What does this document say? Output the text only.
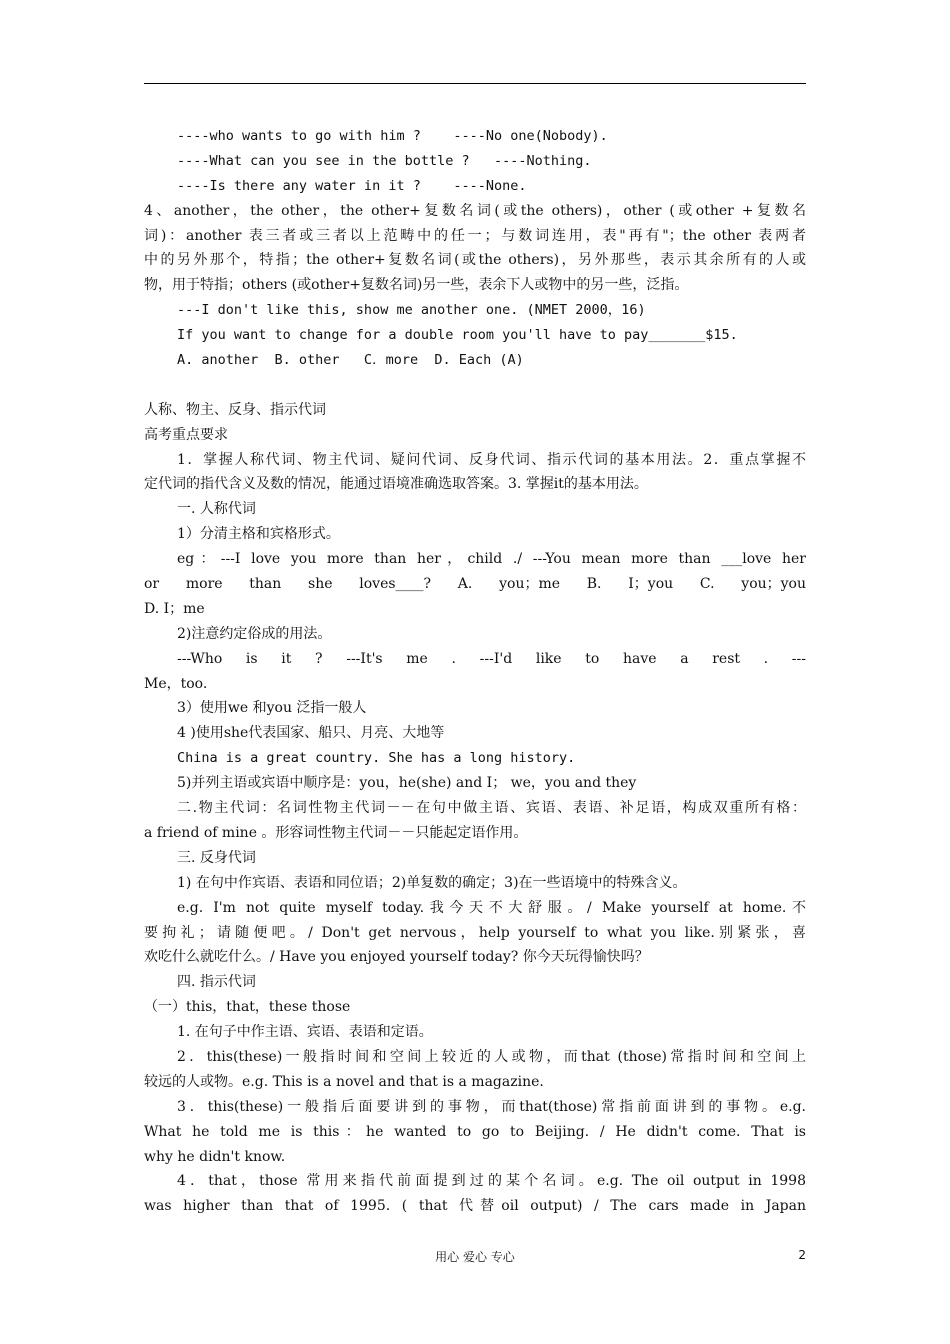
----who wants to go with him ?    ----No one(Nobody).
----What can you see in the bottle ?   ----Nothing.
----Is there any water in it ?    ----None.
4、another，the other，the other+复数名词(或the others)，other (或other +复数名
词)：another 表三者或三者以上范畴中的任一；与数词连用，表"再有"；the other 表两者
中的另外那个，特指；the other+复数名词(或the others)，另外那些，表示其余所有的人或
物，用于特指；others (或other+复数名词)另一些，表余下人或物中的另一些，泛指。
---I don't like this, show me another one. (NMET 2000，16)
If you want to change for a double room you'll have to pay_______$15.
A. another  B. other   C．more  D. Each (A)
人称、物主、反身、指示代词
高考重点要求
1．掌握人称代词、物主代词、疑问代词、反身代词、指示代词的基本用法。2．重点掌握不
定代词的指代含义及数的情况，能通过语境准确选取答案。3. 掌握it的基本用法。
一. 人称代词
1）分清主格和宾格形式。
eg：---I love you more than her，child ./ ---You mean more than ___love her
or more than she loves____? A. you；me B. I；you C. you；you
D. I；me
2)注意约定俗成的用法。
---Who is it ? ---It's me . ---I'd like to have a rest . ---
Me，too.
3）使用we 和you 泛指一般人
4 )使用she代表国家、船只、月亮、大地等
China is a great country. She has a long history.
5)并列主语或宾语中顺序是：you，he(she) and I； we，you and they
二.物主代词：名词性物主代词－－在句中做主语、宾语、表语、补足语，构成双重所有格：
a friend of mine 。形容词性物主代词－－只能起定语作用。
三. 反身代词
1) 在句中作宾语、表语和同位语；2)单复数的确定；3)在一些语境中的特殊含义。
e.g. I'm not quite myself today.我今天不大舒服。/ Make yourself at home.不
要拘礼；请随便吧。/ Don't get nervous，help yourself to what you like.别紧张，喜
欢吃什么就吃什么。/ Have you enjoyed yourself today? 你今天玩得愉快吗？
四. 指示代词
（一）this，that，these those
1. 在句子中作主语、宾语、表语和定语。
2．this(these)一般指时间和空间上较近的人或物，而that (those)常指时间和空间上
较远的人或物。e.g. This is a novel and that is a magazine.
3．this(these)一般指后面要讲到的事物，而that(those)常指前面讲到的事物。e.g.
What he told me is this：he wanted to go to Beijing. / He didn't come. That is
why he didn't know.
4．that，those 常用来指代前面提到过的某个名词。e.g. The oil output in 1998
was higher than that of 1995. ( that 代替oil output) / The cars made in Japan
用心 爱心 专心	2
